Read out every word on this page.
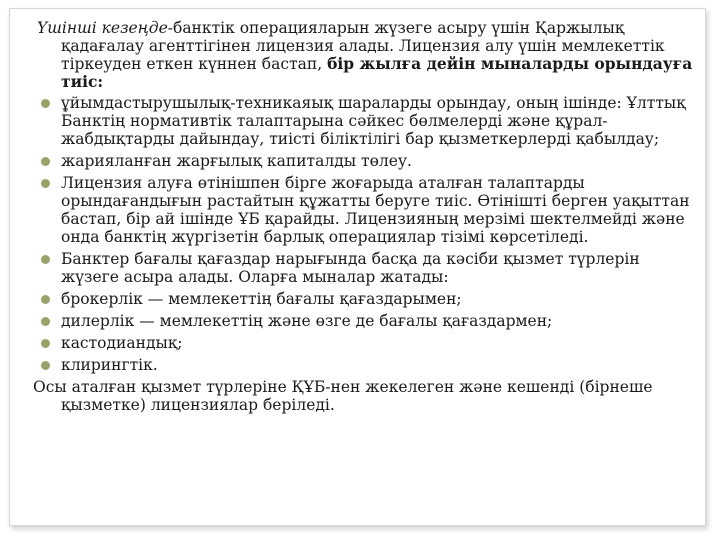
Үшінші кезеңде-банктік операцияларын жүзеге асыру үшін Қаржылық қадағалау агенттігінен лицензия алады. Лицензия алу үшін мемлекеттік тіркеуден еткен күннен бастап, бір жылға дейін мыналарды орындауға тиіс:

ұйымдастырушылық-техникаяық шараларды орындау, оның ішінде: Ұлттық Банктің нормативтік талаптарына сәйкес бөлмелерді және құрал-жабдықтарды дайындау, тиісті біліктілігі бар қызметкерлерді қабылдау;
жарияланған жарғылық капиталды төлеу.
Лицензия алуға өтінішпен бірге жоғарыда аталған талаптарды орындағандығын растайтын құжатты беруге тиіс. Өтінішті берген уақыттан бастап, бір ай ішінде ҰБ қарайды. Лицензияның мерзімі шектелмейді және онда банктің жүргізетін барлық операциялар тізімі көрсетіледі.
Банктер бағалы қағаздар нарығында басқа да кәсіби қызмет түрлерін жүзеге асыра алады. Оларға мыналар жатады:
брокерлік — мемлекеттің бағалы қағаздарымен;
дилерлік — мемлекеттің және өзге де бағалы қағаздармен;
кастодиандық;
клирингтік.

Осы аталған қызмет түрлеріне ҚҰБ-нен жекелеген және кешенді (бірнеше қызметке) лицензиялар беріледі.
